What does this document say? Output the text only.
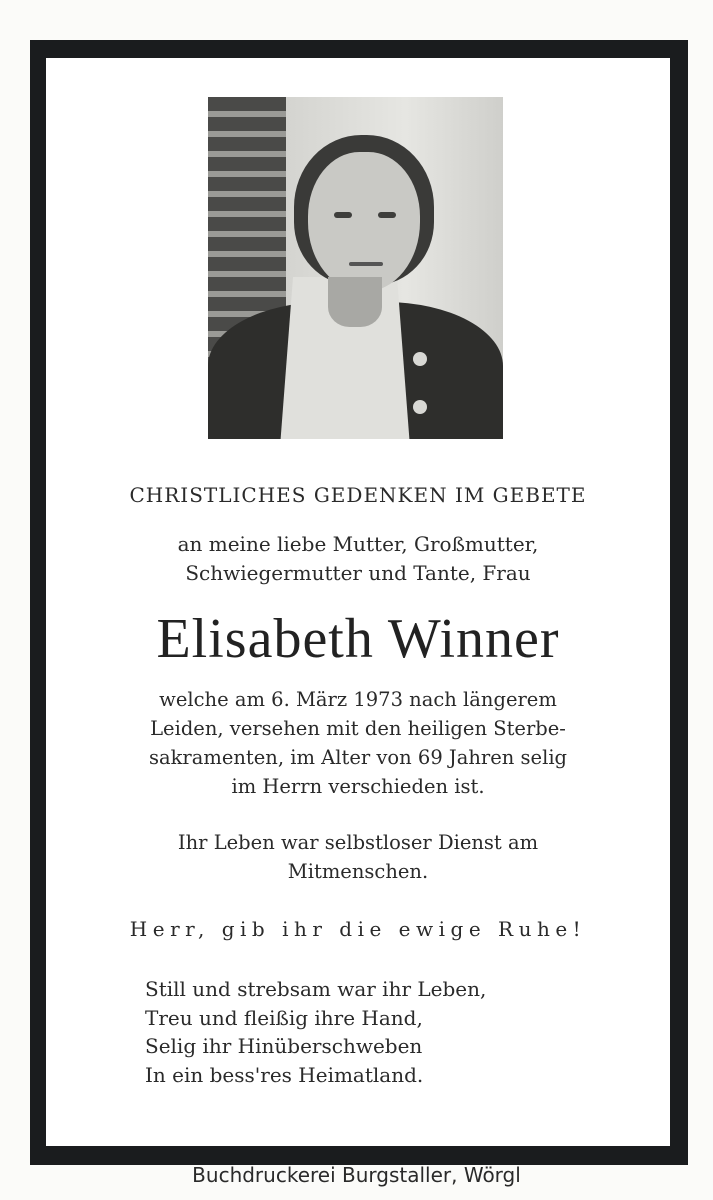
CHRISTLICHES GEDENKEN IM GEBETE

an meine liebe Mutter, Großmutter,
Schwiegermutter und Tante, Frau

Elisabeth Winner

welche am 6. März 1973 nach längerem
Leiden, versehen mit den heiligen Sterbe-
sakramenten, im Alter von 69 Jahren selig
im Herrn verschieden ist.

Ihr Leben war selbstloser Dienst am
Mitmenschen.

Herr, gib ihr die ewige Ruhe!

Still und strebsam war ihr Leben,
Treu und fleißig ihre Hand,
Selig ihr Hinüberschweben
In ein bess'res Heimatland.

Buchdruckerei Burgstaller, Wörgl
